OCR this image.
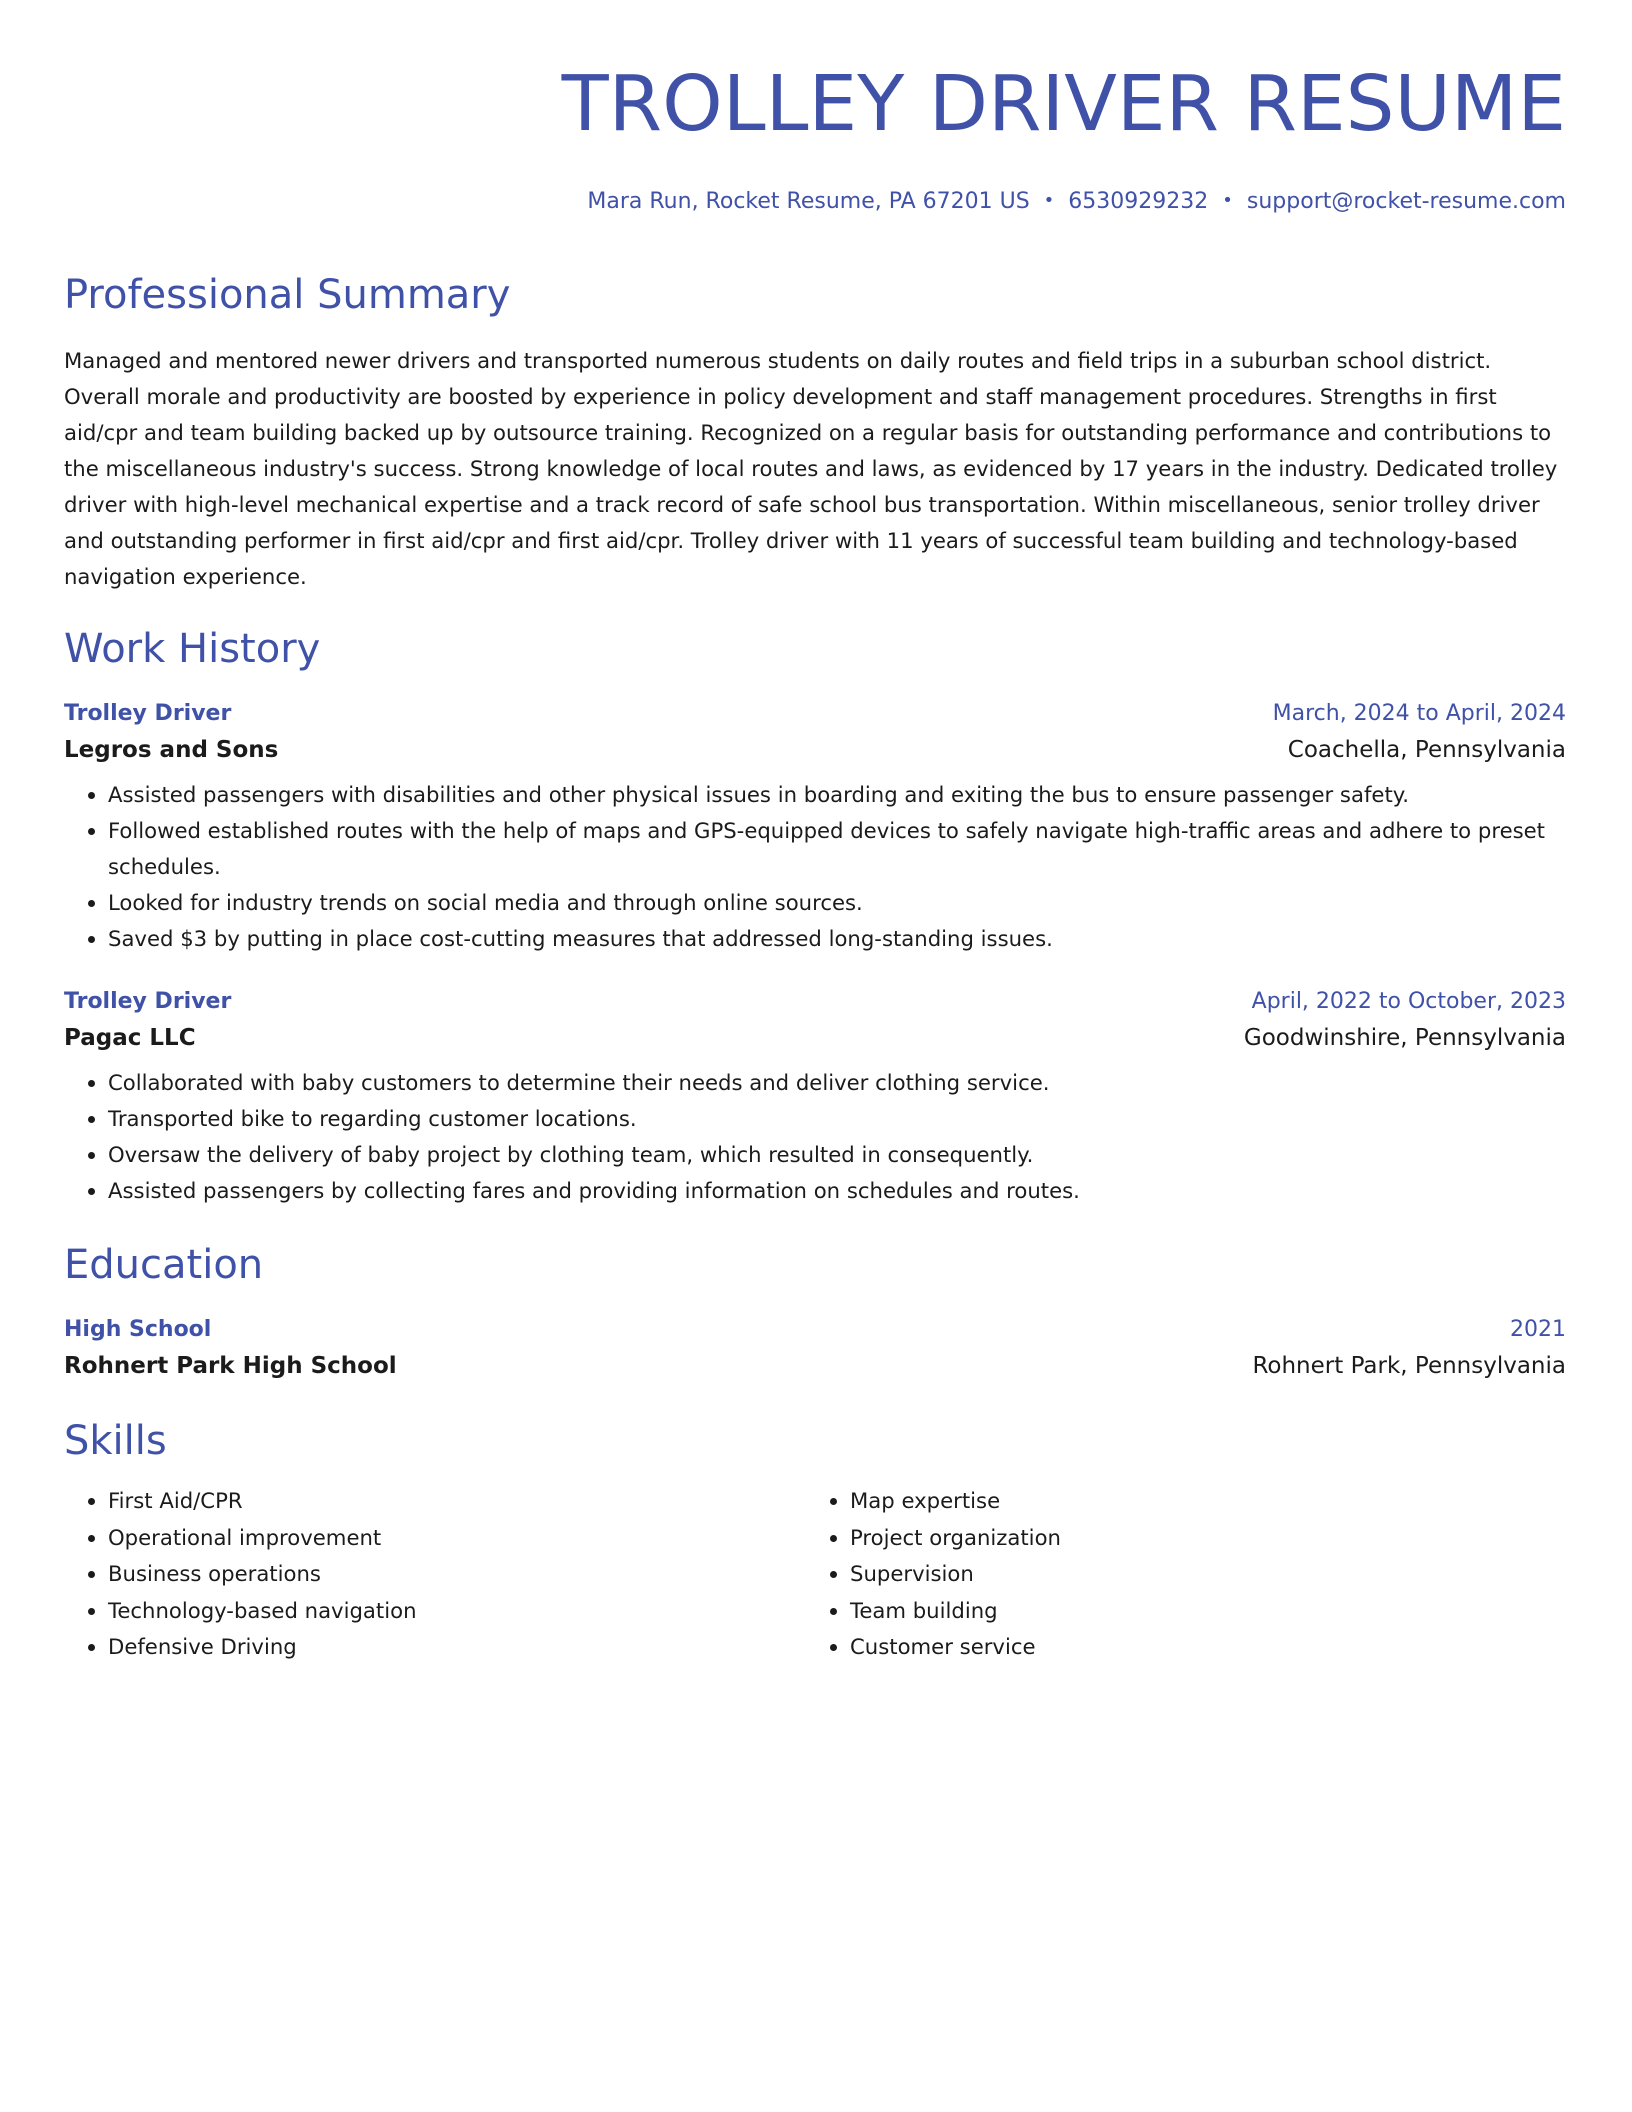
TROLLEY DRIVER RESUME
Mara Run, Rocket Resume, PA 67201 US • 6530929232 • support@rocket-resume.com
Professional Summary
Managed and mentored newer drivers and transported numerous students on daily routes and field trips in a suburban school district. Overall morale and productivity are boosted by experience in policy development and staff management procedures. Strengths in first aid/cpr and team building backed up by outsource training. Recognized on a regular basis for outstanding performance and contributions to the miscellaneous industry's success. Strong knowledge of local routes and laws, as evidenced by 17 years in the industry. Dedicated trolley driver with high-level mechanical expertise and a track record of safe school bus transportation. Within miscellaneous, senior trolley driver and outstanding performer in first aid/cpr and first aid/cpr. Trolley driver with 11 years of successful team building and technology-based navigation experience.
Work History
Trolley Driver	March, 2024 to April, 2024
Legros and Sons	Coachella, Pennsylvania
• Assisted passengers with disabilities and other physical issues in boarding and exiting the bus to ensure passenger safety.
• Followed established routes with the help of maps and GPS-equipped devices to safely navigate high-traffic areas and adhere to preset schedules.
• Looked for industry trends on social media and through online sources.
• Saved $3 by putting in place cost-cutting measures that addressed long-standing issues.
Trolley Driver	April, 2022 to October, 2023
Pagac LLC	Goodwinshire, Pennsylvania
• Collaborated with baby customers to determine their needs and deliver clothing service.
• Transported bike to regarding customer locations.
• Oversaw the delivery of baby project by clothing team, which resulted in consequently.
• Assisted passengers by collecting fares and providing information on schedules and routes.
Education
High School	2021
Rohnert Park High School	Rohnert Park, Pennsylvania
Skills
• First Aid/CPR
• Operational improvement
• Business operations
• Technology-based navigation
• Defensive Driving
• Map expertise
• Project organization
• Supervision
• Team building
• Customer service
